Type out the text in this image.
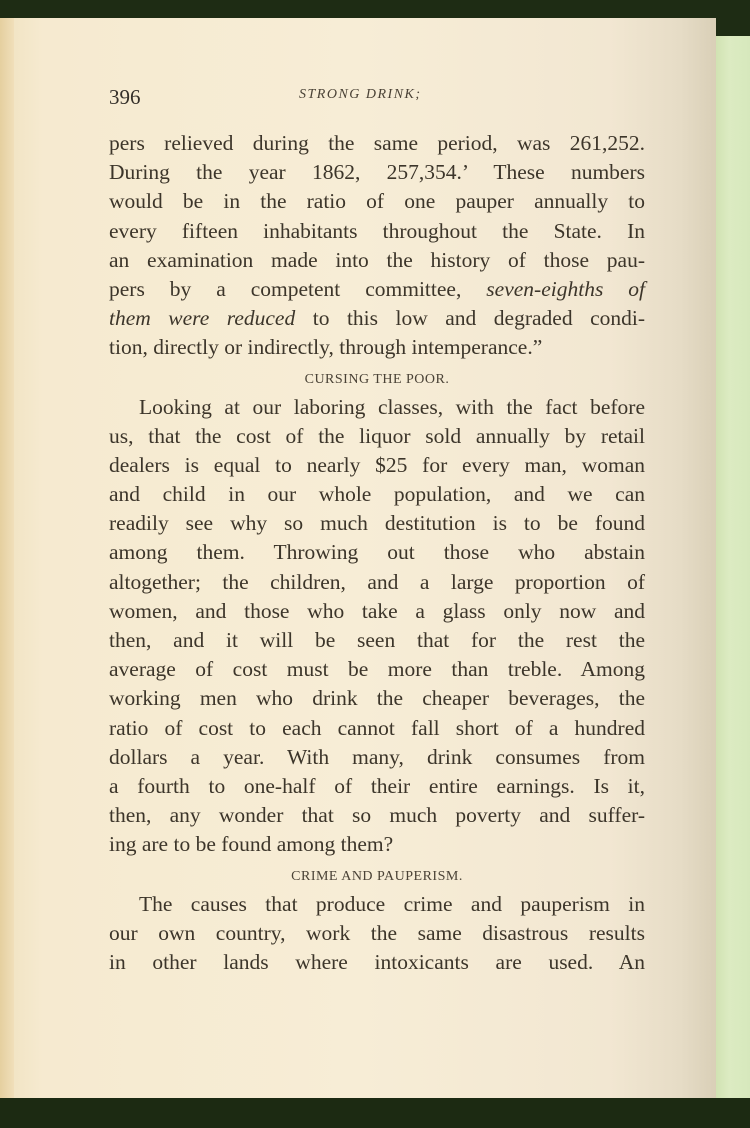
396	STRONG DRINK;
pers relieved during the same period, was 261,252.
During the year 1862, 257,354.’ These numbers
would be in the ratio of one pauper annually to
every fifteen inhabitants throughout the State. In
an examination made into the history of those pau-
pers by a competent committee, seven-eighths of
them were reduced to this low and degraded condi-
tion, directly or indirectly, through intemperance.”
CURSING THE POOR.
Looking at our laboring classes, with the fact before
us, that the cost of the liquor sold annually by retail
dealers is equal to nearly $25 for every man, woman
and child in our whole population, and we can
readily see why so much destitution is to be found
among them. Throwing out those who abstain
altogether; the children, and a large proportion of
women, and those who take a glass only now and
then, and it will be seen that for the rest the
average of cost must be more than treble. Among
working men who drink the cheaper beverages, the
ratio of cost to each cannot fall short of a hundred
dollars a year. With many, drink consumes from
a fourth to one-half of their entire earnings. Is it,
then, any wonder that so much poverty and suffer-
ing are to be found among them?
CRIME AND PAUPERISM.
The causes that produce crime and pauperism in
our own country, work the same disastrous results
in other lands where intoxicants are used. An
